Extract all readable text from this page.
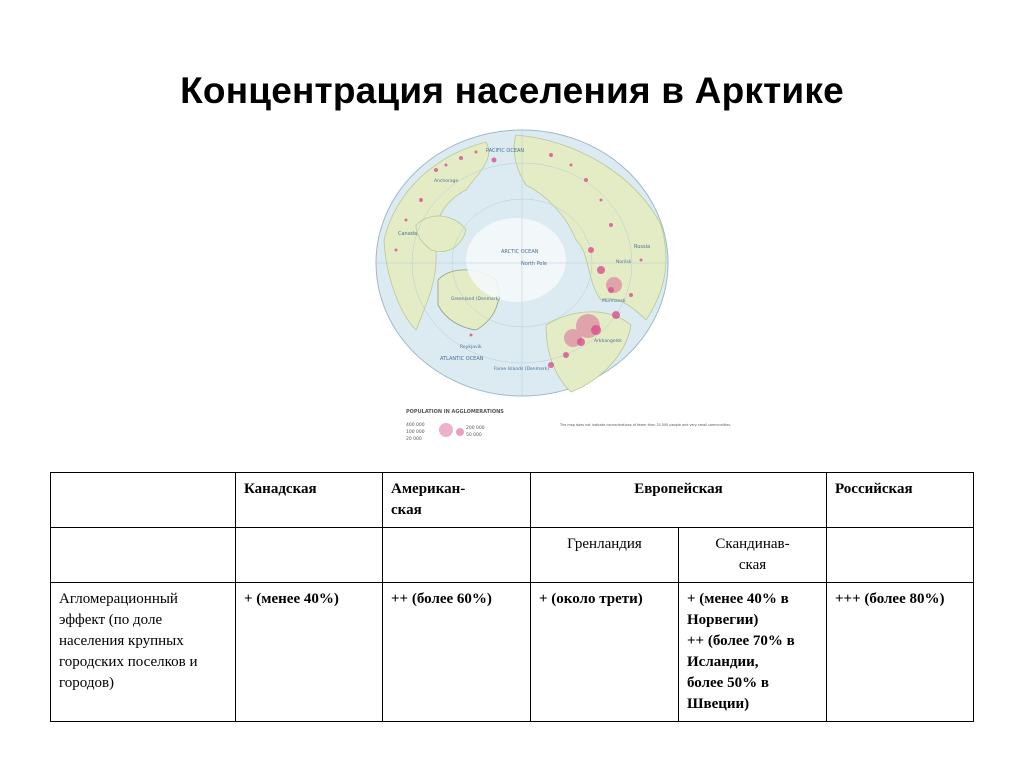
Концентрация населения в Арктике
PACIFIC OCEAN
ARCTIC OCEAN
ATLANTIC OCEAN
North Pole
Canada
Russia
Greenland (Denmark)
Anchorage
Faroe Islands (Denmark)
Reykjavik
Murmansk
Norilsk
Arkhangelsk
POPULATION IN AGGLOMERATIONS
400 000
100 000
20 000
200 000
50 000
The map does not indicate concentrations of fewer than 20 000 people and very small communities.
	Канадская	Американ-
ская	Европейская		Российская
			Гренландия	Скандинав-
ская	
Агломерационный эффект (по доле населения крупных городских поселков и городов)	+ (менее 40%)	++ (более 60%)	+ (около трети)	+ (менее 40% в Норвегии)
++ (более 70% в Исландии,
более 50% в Швеции)	+++ (более 80%)
